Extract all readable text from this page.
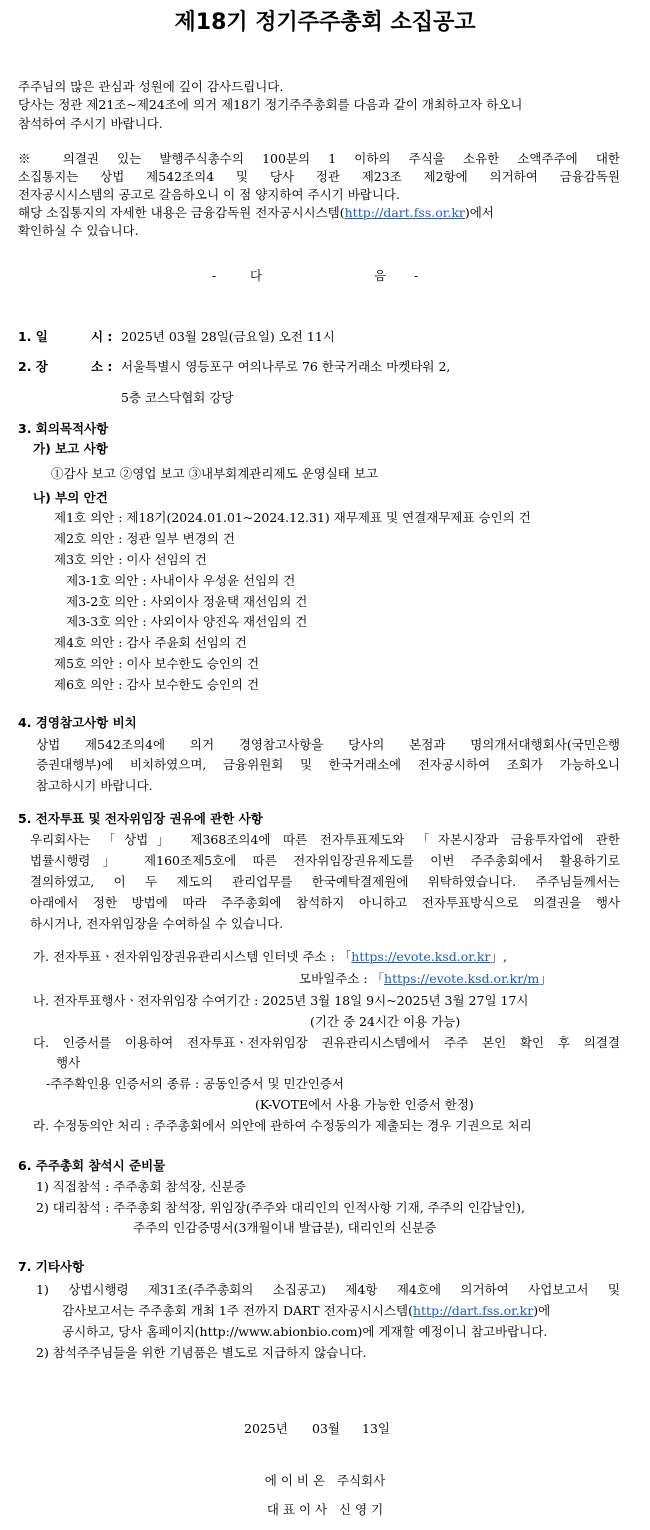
제18기 정기주주총회 소집공고
주주님의 많은 관심과 성원에 깊이 감사드립니다.
당사는 정관 제21조~제24조에 의거 제18기 정기주주총회를 다음과 같이 개최하고자 하오니
참석하여 주시기 바랍니다.
※ 의결권 있는 발행주식총수의 100분의 1 이하의 주식을 소유한 소액주주에 대한
소집통지는 상법 제542조의4 및 당사 정관 제23조 제2항에 의거하여 금융감독원
전자공시시스템의 공고로 갈음하오니 이 점 양지하여 주시기 바랍니다.
해당 소집통지의 자세한 내용은 금융감독원 전자공시시스템(http://dart.fss.or.kr)에서
확인하실 수 있습니다.
-	다	음 -
1. 일	시 : 2025년 03월 28일(금요일) 오전 11시
2. 장	소 : 서울특별시 영등포구 여의나루로 76 한국거래소 마켓타워 2,
5층 코스닥협회 강당
3. 회의목적사항
가) 보고 사항
①감사 보고 ②영업 보고 ③내부회계관리제도 운영실태 보고
나) 부의 안건
제1호 의안 : 제18기(2024.01.01~2024.12.31) 재무제표 및 연결재무제표 승인의 건
제2호 의안 : 정관 일부 변경의 건
제3호 의안 : 이사 선임의 건
제3-1호 의안 : 사내이사 우성윤 선임의 건
제3-2호 의안 : 사외이사 정윤택 재선임의 건
제3-3호 의안 : 사외이사 양진옥 재선임의 건
제4호 의안 : 감사 주윤회 선임의 건
제5호 의안 : 이사 보수한도 승인의 건
제6호 의안 : 감사 보수한도 승인의 건
4. 경영참고사항 비치
상법 제542조의4에 의거 경영참고사항을 당사의 본점과 명의개서대행회사(국민은행
증권대행부)에 비치하였으며, 금융위원회 및 한국거래소에 전자공시하여 조회가 가능하오니
참고하시기 바랍니다.
5. 전자투표 및 전자위임장 권유에 관한 사항
우리회사는 「상법」 제368조의4에 따른 전자투표제도와 「자본시장과 금융투자업에 관한
법률시행령」 제160조제5호에 따른 전자위임장권유제도를 이번 주주총회에서 활용하기로
결의하였고, 이 두 제도의 관리업무를 한국예탁결제원에 위탁하였습니다. 주주님들께서는
아래에서 정한 방법에 따라 주주총회에 참석하지 아니하고 전자투표방식으로 의결권을 행사
하시거나, 전자위임장을 수여하실 수 있습니다.
가. 전자투표ㆍ전자위임장권유관리시스템 인터넷 주소 : 「https://evote.ksd.or.kr」,
모바일주소 : 「https://evote.ksd.or.kr/m」
나. 전자투표행사ㆍ전자위임장 수여기간 : 2025년 3월 18일 9시~2025년 3월 27일 17시
(기간 중 24시간 이용 가능)
다. 인증서를 이용하여 전자투표ㆍ전자위임장 권유관리시스템에서 주주 본인 확인 후 의결결
행사
-주주확인용 인증서의 종류 : 공동인증서 및 민간인증서
(K-VOTE에서 사용 가능한 인증서 한정)
라. 수정동의안 처리 : 주주총회에서 의안에 관하여 수정동의가 제출되는 경우 기권으로 처리
6. 주주총회 참석시 준비물
1) 직접참석 : 주주총회 참석장, 신분증
2) 대리참석 : 주주총회 참석장, 위임장(주주와 대리인의 인적사항 기재, 주주의 인감날인),
주주의 인감증명서(3개월이내 발급분), 대리인의 신분증
7. 기타사항
1) 상법시행령 제31조(주주총회의 소집공고) 제4항 제4호에 의거하여 사업보고서 및
감사보고서는 주주총회 개최 1주 전까지 DART 전자공시시스템(http://dart.fss.or.kr)에
공시하고, 당사 홈페이지(http://www.abionbio.com)에 게재할 예정이니 참고바랍니다.
2) 참석주주님들을 위한 기념품은 별도로 지급하지 않습니다.
2025년 03월 13일
에 이 비 온   주식회사
대 표 이 사   신 영 기
